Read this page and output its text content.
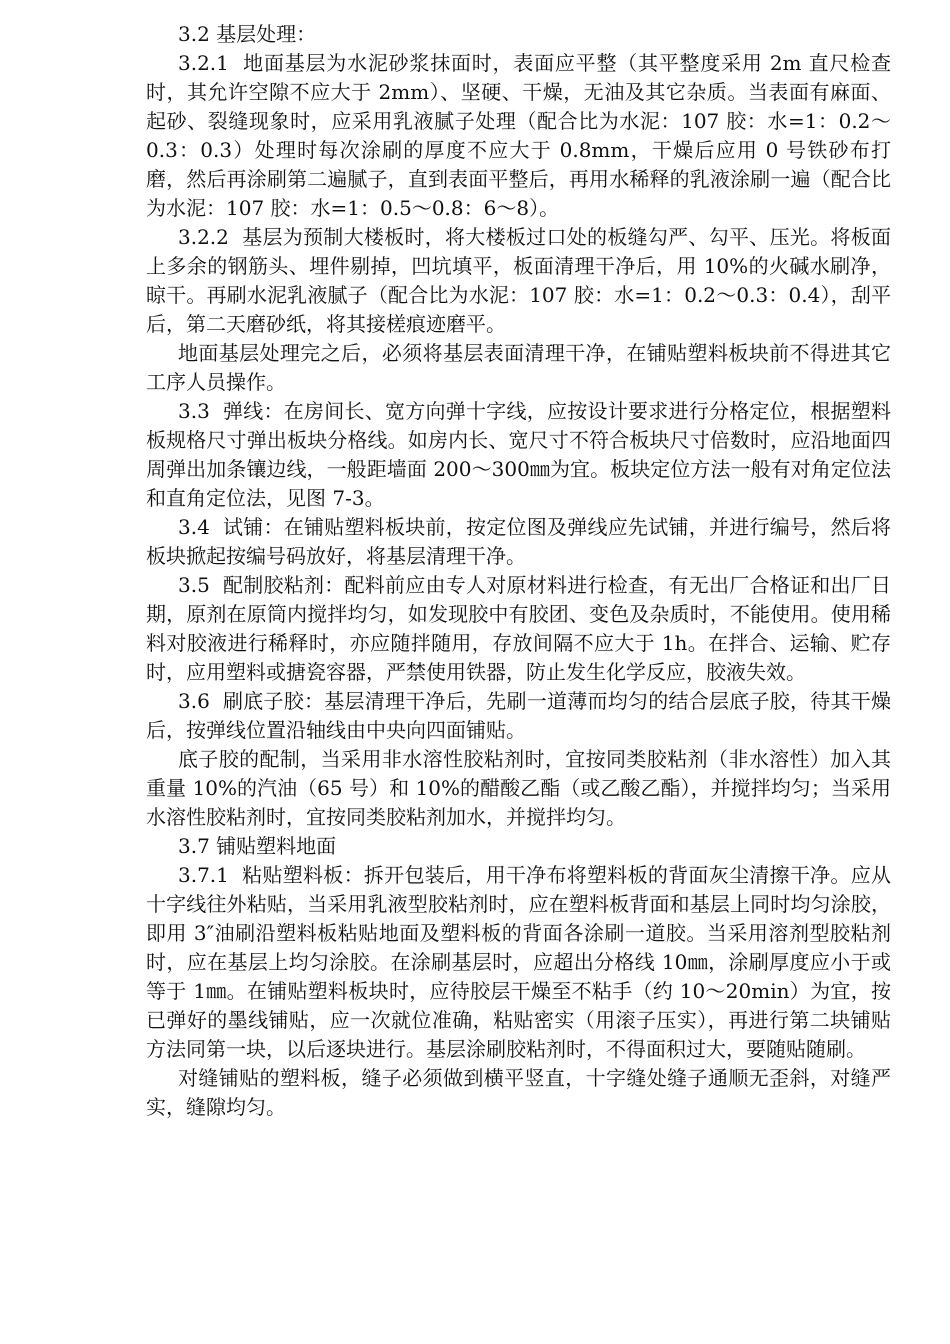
3.2 基层处理：

3.2.1  地面基层为水泥砂浆抹面时，表面应平整（其平整度采用 2m 直尺检查时，其允许空隙不应大于 2mm）、坚硬、干燥，无油及其它杂质。当表面有麻面、起砂、裂缝现象时，应采用乳液腻子处理（配合比为水泥：107 胶：水=1：0.2～0.3：0.3）处理时每次涂刷的厚度不应大于 0.8mm，干燥后应用 0 号铁砂布打磨，然后再涂刷第二遍腻子，直到表面平整后，再用水稀释的乳液涂刷一遍（配合比为水泥：107 胶：水=1：0.5～0.8：6～8）。

3.2.2  基层为预制大楼板时，将大楼板过口处的板缝勾严、勾平、压光。将板面上多余的钢筋头、埋件剔掉，凹坑填平，板面清理干净后，用 10%的火碱水刷净，晾干。再刷水泥乳液腻子（配合比为水泥：107 胶：水=1：0.2～0.3：0.4），刮平后，第二天磨砂纸，将其接槎痕迹磨平。

地面基层处理完之后，必须将基层表面清理干净，在铺贴塑料板块前不得进其它工序人员操作。

3.3  弹线：在房间长、宽方向弹十字线，应按设计要求进行分格定位，根据塑料板规格尺寸弹出板块分格线。如房内长、宽尺寸不符合板块尺寸倍数时，应沿地面四周弹出加条镶边线，一般距墙面 200～300㎜为宜。板块定位方法一般有对角定位法和直角定位法，见图 7-3。

3.4  试铺：在铺贴塑料板块前，按定位图及弹线应先试铺，并进行编号，然后将板块掀起按编号码放好，将基层清理干净。

3.5  配制胶粘剂：配料前应由专人对原材料进行检查，有无出厂合格证和出厂日期，原剂在原筒内搅拌均匀，如发现胶中有胶团、变色及杂质时，不能使用。使用稀料对胶液进行稀释时，亦应随拌随用，存放间隔不应大于 1h。在拌合、运输、贮存时，应用塑料或搪瓷容器，严禁使用铁器，防止发生化学反应，胶液失效。

3.6  刷底子胶：基层清理干净后，先刷一道薄而均匀的结合层底子胶，待其干燥后，按弹线位置沿轴线由中央向四面铺贴。

底子胶的配制，当采用非水溶性胶粘剂时，宜按同类胶粘剂（非水溶性）加入其重量 10%的汽油（65 号）和 10%的醋酸乙酯（或乙酸乙酯），并搅拌均匀；当采用水溶性胶粘剂时，宜按同类胶粘剂加水，并搅拌均匀。

3.7 铺贴塑料地面

3.7.1  粘贴塑料板：拆开包装后，用干净布将塑料板的背面灰尘清擦干净。应从十字线往外粘贴，当采用乳液型胶粘剂时，应在塑料板背面和基层上同时均匀涂胶，即用 3″油刷沿塑料板粘贴地面及塑料板的背面各涂刷一道胶。当采用溶剂型胶粘剂时，应在基层上均匀涂胶。在涂刷基层时，应超出分格线 10㎜，涂刷厚度应小于或等于 1㎜。在铺贴塑料板块时，应待胶层干燥至不粘手（约 10～20min）为宜，按已弹好的墨线铺贴，应一次就位准确，粘贴密实（用滚子压实），再进行第二块铺贴方法同第一块，以后逐块进行。基层涂刷胶粘剂时，不得面积过大，要随贴随刷。

对缝铺贴的塑料板，缝子必须做到横平竖直，十字缝处缝子通顺无歪斜，对缝严实，缝隙均匀。
